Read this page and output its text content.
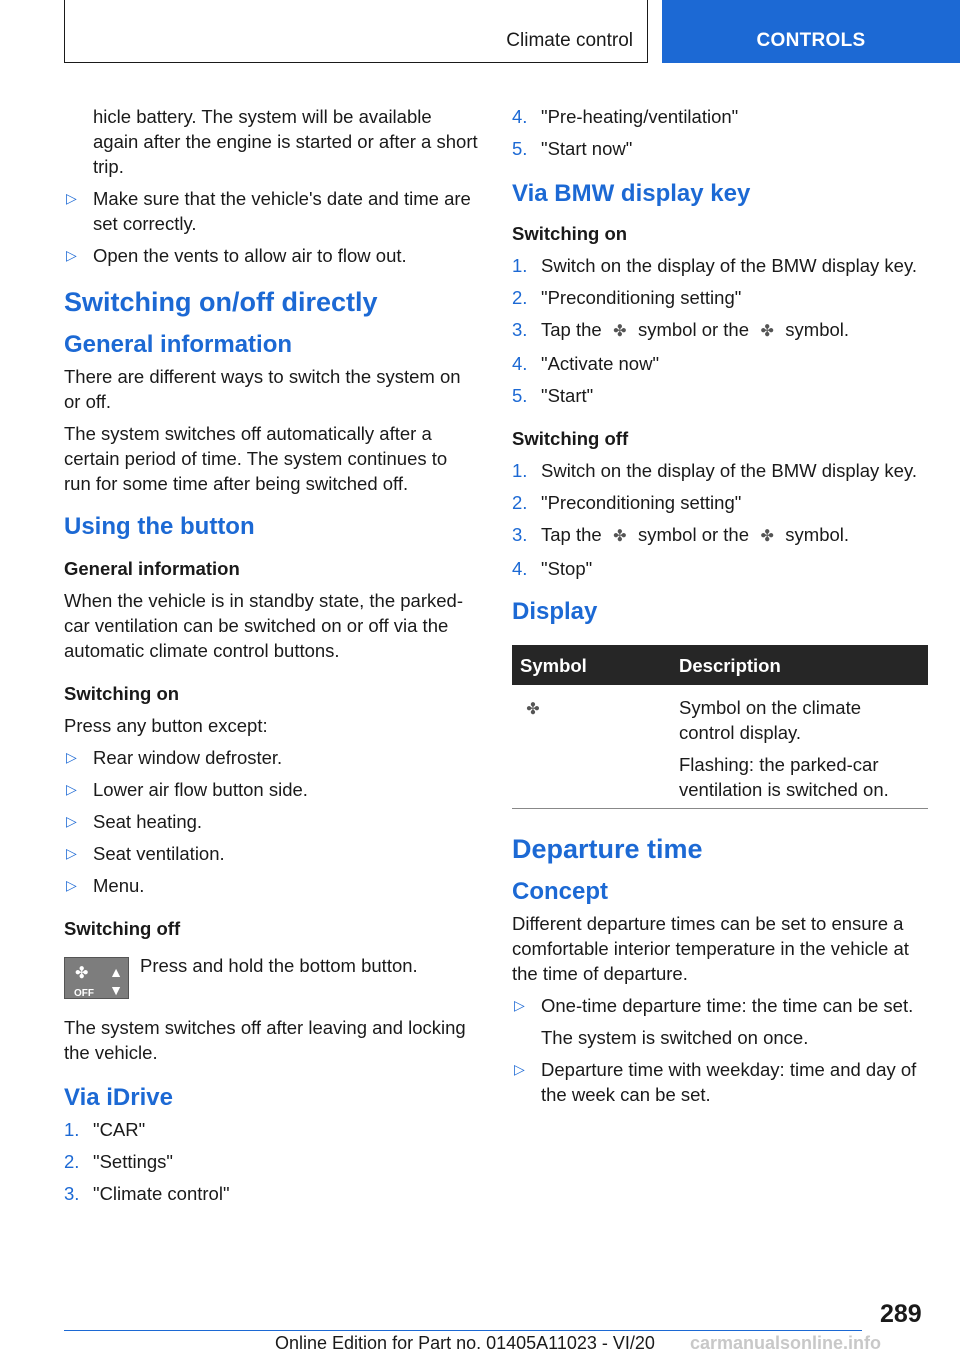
Climate control	CONTROLS

hicle battery. The system will be available again after the engine is started or after a short trip.

▷ Make sure that the vehicle's date and time are set correctly.
▷ Open the vents to allow air to flow out.
Switching on/off directly
General information

There are different ways to switch the system on or off.

The system switches off automatically after a certain period of time. The system continues to run for some time after being switched off.

Using the button
General information

When the vehicle is in standby state, the parked-car ventilation can be switched on or off via the automatic climate control buttons.

Switching on

Press any button except:

▷ Rear window defroster.
▷ Lower air flow button side.
▷ Seat heating.
▷ Seat ventilation.
▷ Menu.
Switching off
✤
OFF
▲
▼
Press and hold the bottom button.

The system switches off after leaving and locking the vehicle.

Via iDrive
1. "CAR"
2. "Settings"
3. "Climate control"
4. "Pre-heating/ventilation"
5. "Start now"
Via BMW display key
Switching on
1. Switch on the display of the BMW display key.
2. "Preconditioning setting"
3. Tap the ✤ symbol or the ✤ symbol.
4. "Activate now"
5. "Start"
Switching off
1. Switch on the display of the BMW display key.
2. "Preconditioning setting"
3. Tap the ✤ symbol or the ✤ symbol.
4. "Stop"
Display
Symbol	Description
✤	Symbol on the climate control display.
Flashing: the parked-car ventilation is switched on.
Departure time
Concept

Different departure times can be set to ensure a comfortable interior temperature in the vehicle at the time of departure.

▷ One-time departure time: the time can be set.

The system is switched on once.

▷ Departure time with weekday: time and day of the week can be set.
289
Online Edition for Part no. 01405A11023 - VI/20 carmanualsonline.info
